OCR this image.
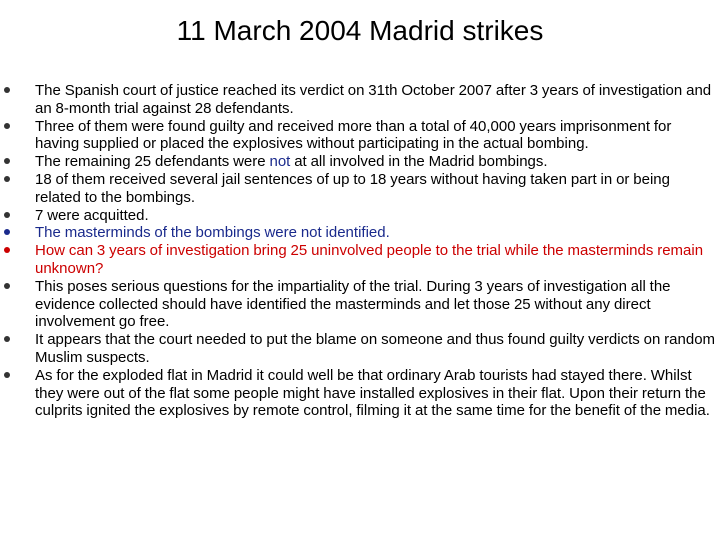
11 March 2004 Madrid strikes
The Spanish court of justice reached its verdict on 31th October 2007 after 3 years of investigation and an 8-month trial against 28 defendants.
Three of them were found guilty and received more than a total of 40,000 years imprisonment for having supplied or placed the explosives without participating in the actual bombing.
The remaining 25 defendants were not at all involved in the Madrid bombings.
18 of them received several jail sentences of up to 18 years without having taken part in or being related to the bombings.
7 were acquitted.
The masterminds of the bombings were not identified.
How can 3 years of investigation bring 25 uninvolved people to the trial while the masterminds remain unknown?
This poses serious questions for the impartiality of the trial. During 3 years of investigation all the evidence collected should have identified the masterminds and let those 25 without any direct involvement go free.
It appears that the court needed to put the blame on someone and thus found guilty verdicts on random Muslim suspects.
As for the exploded flat in Madrid it could well be that ordinary Arab tourists had stayed there. Whilst they were out of the flat some people might have installed explosives in their flat. Upon their return the culprits ignited the explosives by remote control, filming it at the same time for the benefit of the media.
